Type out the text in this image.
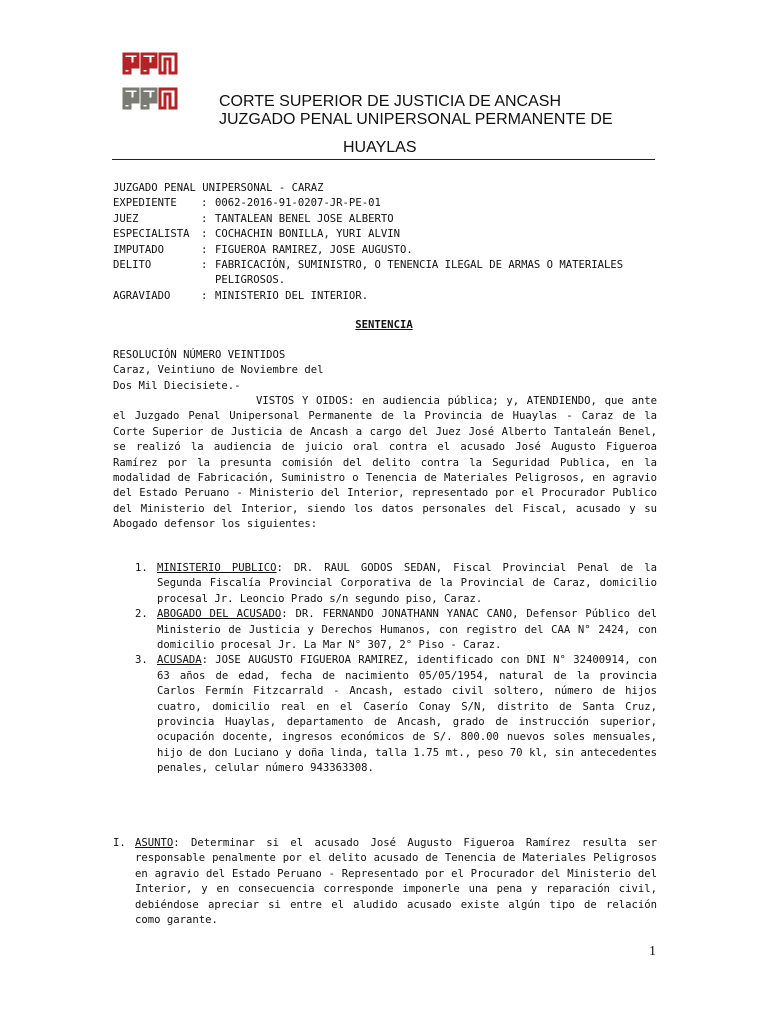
CORTE SUPERIOR DE JUSTICIA DE ANCASH
JUZGADO PENAL UNIPERSONAL PERMANENTE DE
HUAYLAS
JUZGADO PENAL UNIPERSONAL - CARAZ
EXPEDIENTE	: 0062-2016-91-0207-JR-PE-01
JUEZ	: TANTALEAN BENEL JOSE ALBERTO
ESPECIALISTA	: COCHACHIN BONILLA, YURI ALVIN
IMPUTADO	: FIGUEROA RAMIREZ, JOSE AUGUSTO.
DELITO	: FABRICACIÓN, SUMINISTRO, O TENENCIA ILEGAL DE ARMAS O MATERIALES PELIGROSOS.
AGRAVIADO	: MINISTERIO DEL INTERIOR.
SENTENCIA
RESOLUCIÓN NÚMERO VEINTIDOS
Caraz, Veintiuno de Noviembre del
Dos Mil Diecisiete.-
VISTOS Y OIDOS: en audiencia pública; y, ATENDIENDO, que ante el Juzgado Penal Unipersonal Permanente de la Provincia de Huaylas - Caraz de la Corte Superior de Justicia de Ancash a cargo del Juez José Alberto Tantaleán Benel, se realizó la audiencia de juicio oral contra el acusado José Augusto Figueroa Ramírez por la presunta comisión del delito contra la Seguridad Publica, en la modalidad de Fabricación, Suministro o Tenencia de Materiales Peligrosos, en agravio del Estado Peruano - Ministerio del Interior, representado por el Procurador Publico del Ministerio del Interior, siendo los datos personales del Fiscal, acusado y su Abogado defensor los siguientes:
1. MINISTERIO PUBLICO: DR. RAUL GODOS SEDAN, Fiscal Provincial Penal de la Segunda Fiscalía Provincial Corporativa de la Provincial de Caraz, domicilio procesal Jr. Leoncio Prado s/n segundo piso, Caraz.
2. ABOGADO DEL ACUSADO: DR. FERNANDO JONATHANN YANAC CANO, Defensor Público del Ministerio de Justicia y Derechos Humanos, con registro del CAA N° 2424, con domicilio procesal Jr. La Mar N° 307, 2° Piso - Caraz.
3. ACUSADA: JOSE AUGUSTO FIGUEROA RAMIREZ, identificado con DNI N° 32400914, con 63 años de edad, fecha de nacimiento 05/05/1954, natural de la provincia Carlos Fermín Fitzcarrald - Ancash, estado civil soltero, número de hijos cuatro, domicilio real en el Caserío Conay S/N, distrito de Santa Cruz, provincia Huaylas, departamento de Ancash, grado de instrucción superior, ocupación docente, ingresos económicos de S/. 800.00 nuevos soles mensuales, hijo de don Luciano y doña linda, talla 1.75 mt., peso 70 kl, sin antecedentes penales, celular número 943363308.
I. ASUNTO: Determinar si el acusado José Augusto Figueroa Ramírez resulta ser responsable penalmente por el delito acusado de Tenencia de Materiales Peligrosos en agravio del Estado Peruano - Representado por el Procurador del Ministerio del Interior, y en consecuencia corresponde imponerle una pena y reparación civil, debiéndose apreciar si entre el aludido acusado existe algún tipo de relación como garante.
1
